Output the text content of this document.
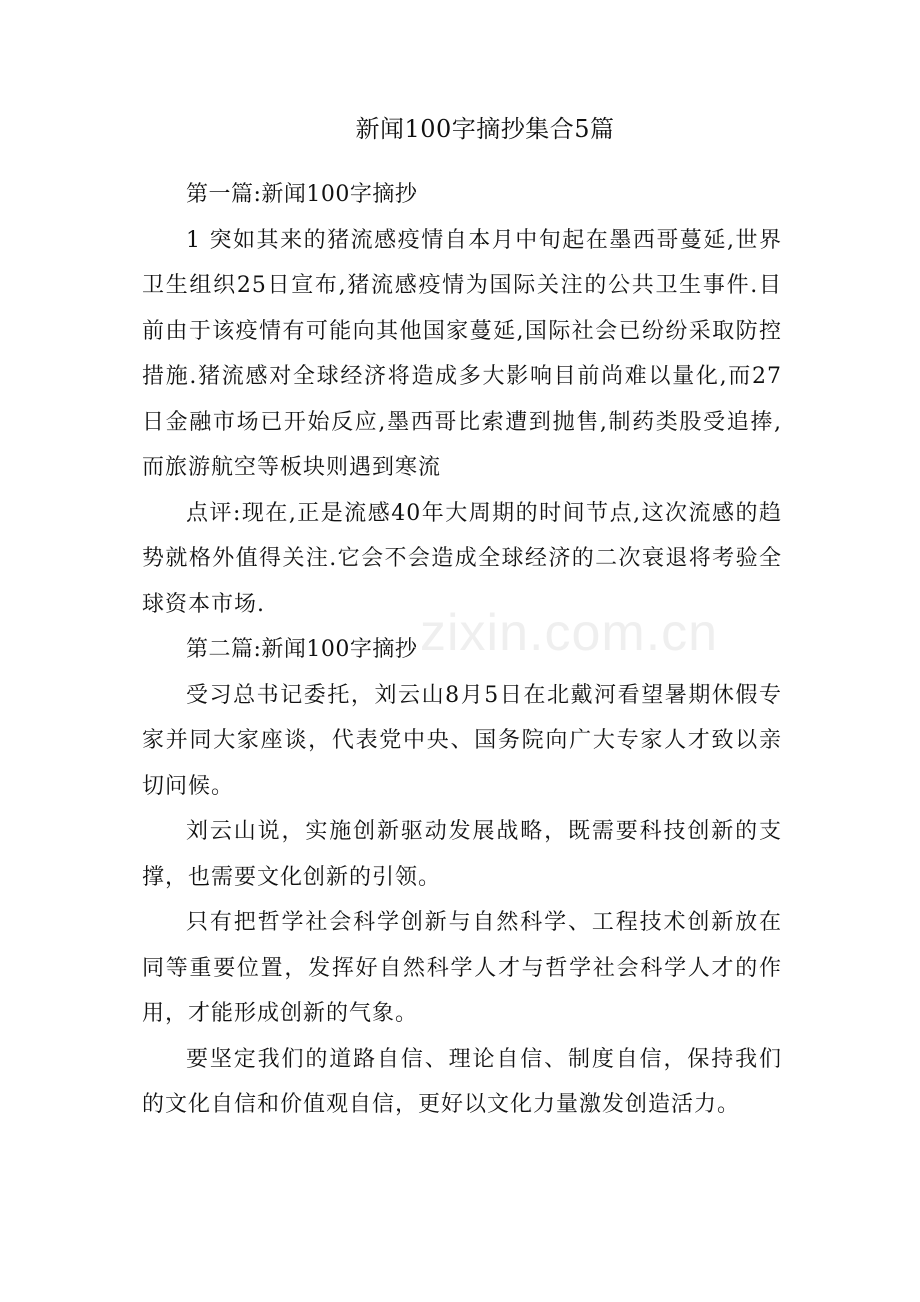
新闻100字摘抄集合5篇

第一篇:新闻100字摘抄

1 突如其来的猪流感疫情自本月中旬起在墨西哥蔓延,世界卫生组织25日宣布,猪流感疫情为国际关注的公共卫生事件.目前由于该疫情有可能向其他国家蔓延,国际社会已纷纷采取防控措施.猪流感对全球经济将造成多大影响目前尚难以量化,而27日金融市场已开始反应,墨西哥比索遭到抛售,制药类股受追捧,而旅游航空等板块则遇到寒流

点评:现在,正是流感40年大周期的时间节点,这次流感的趋势就格外值得关注.它会不会造成全球经济的二次衰退将考验全球资本市场.

第二篇:新闻100字摘抄

受习总书记委托，刘云山8月5日在北戴河看望暑期休假专家并同大家座谈，代表党中央、国务院向广大专家人才致以亲切问候。

刘云山说，实施创新驱动发展战略，既需要科技创新的支撑，也需要文化创新的引领。

只有把哲学社会科学创新与自然科学、工程技术创新放在同等重要位置，发挥好自然科学人才与哲学社会科学人才的作用，才能形成创新的气象。

要坚定我们的道路自信、理论自信、制度自信，保持我们的文化自信和价值观自信，更好以文化力量激发创造活力。

zixin.com.cn
